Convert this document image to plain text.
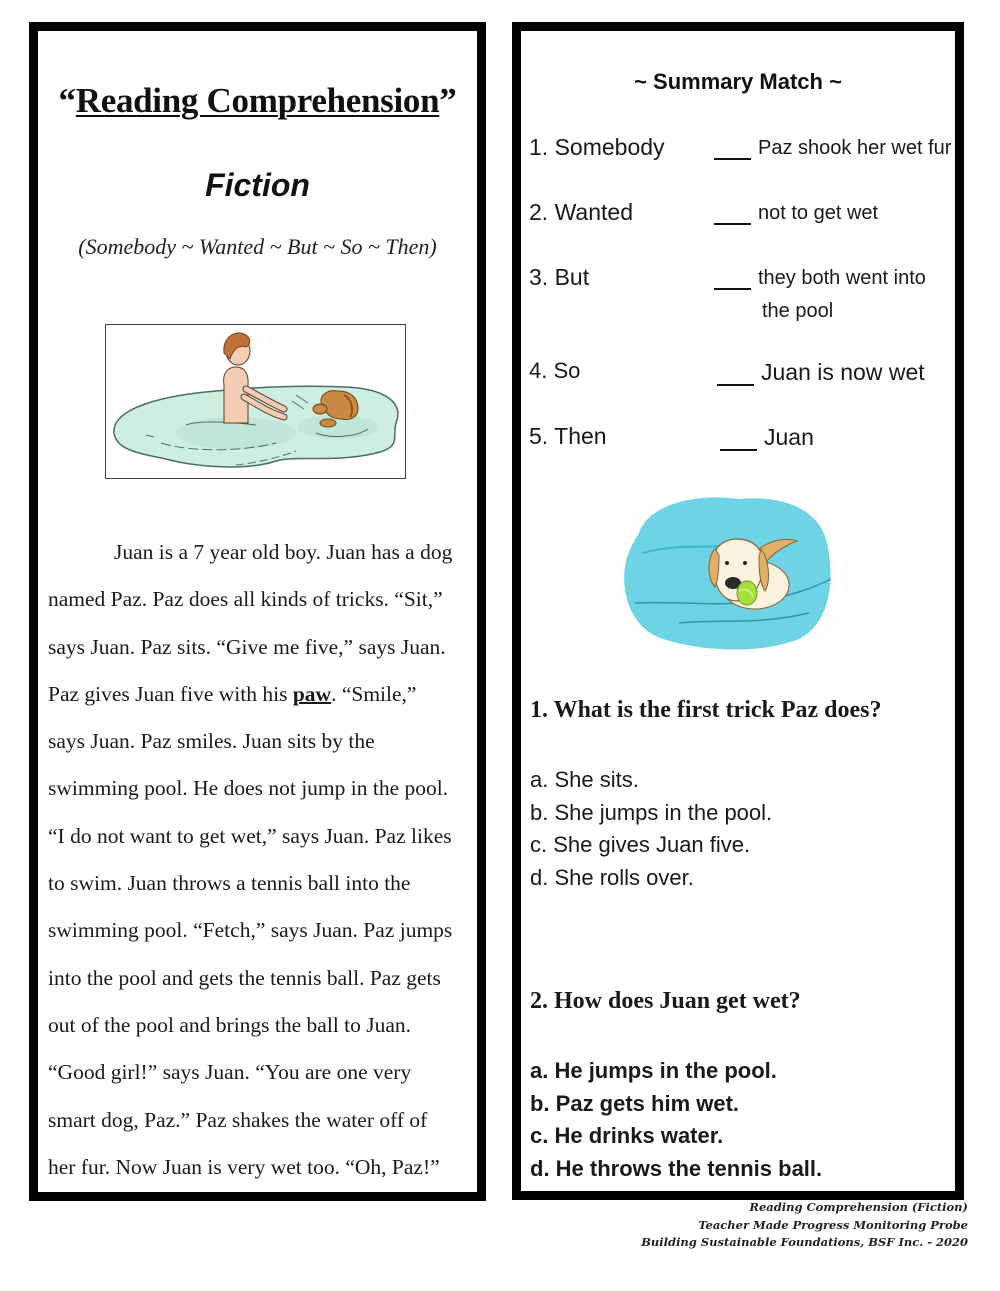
“Reading Comprehension”
Fiction
(Somebody ~ Wanted ~ But ~ So ~ Then)
Juan is a 7 year old boy. Juan has a dog
named Paz. Paz does all kinds of tricks. “Sit,”
says Juan. Paz sits. “Give me five,” says Juan.
Paz gives Juan five with his paw. “Smile,”
says Juan. Paz smiles. Juan sits by the
swimming pool. He does not jump in the pool.
“I do not want to get wet,” says Juan. Paz likes
to swim. Juan throws a tennis ball into the
swimming pool. “Fetch,” says Juan. Paz jumps
into the pool and gets the tennis ball. Paz gets
out of the pool and brings the ball to Juan.
“Good girl!” says Juan. “You are one very
smart dog, Paz.” Paz shakes the water off of
her fur. Now Juan is very wet too. “Oh, Paz!”
~ Summary Match ~
1. Somebody	Paz shook her wet fur
2. Wanted	not to get wet
3. But	they both went into
the pool
4. So	Juan is now wet
5. Then	Juan
1. What is the first trick Paz does?
a. She sits.
b. She jumps in the pool.
c. She gives Juan five.
d. She rolls over.
2. How does Juan get wet?
a. He jumps in the pool.
b. Paz gets him wet.
c. He drinks water.
d. He throws the tennis ball.
Reading Comprehension (Fiction)
Teacher Made Progress Monitoring Probe
Building Sustainable Foundations, BSF Inc. - 2020
